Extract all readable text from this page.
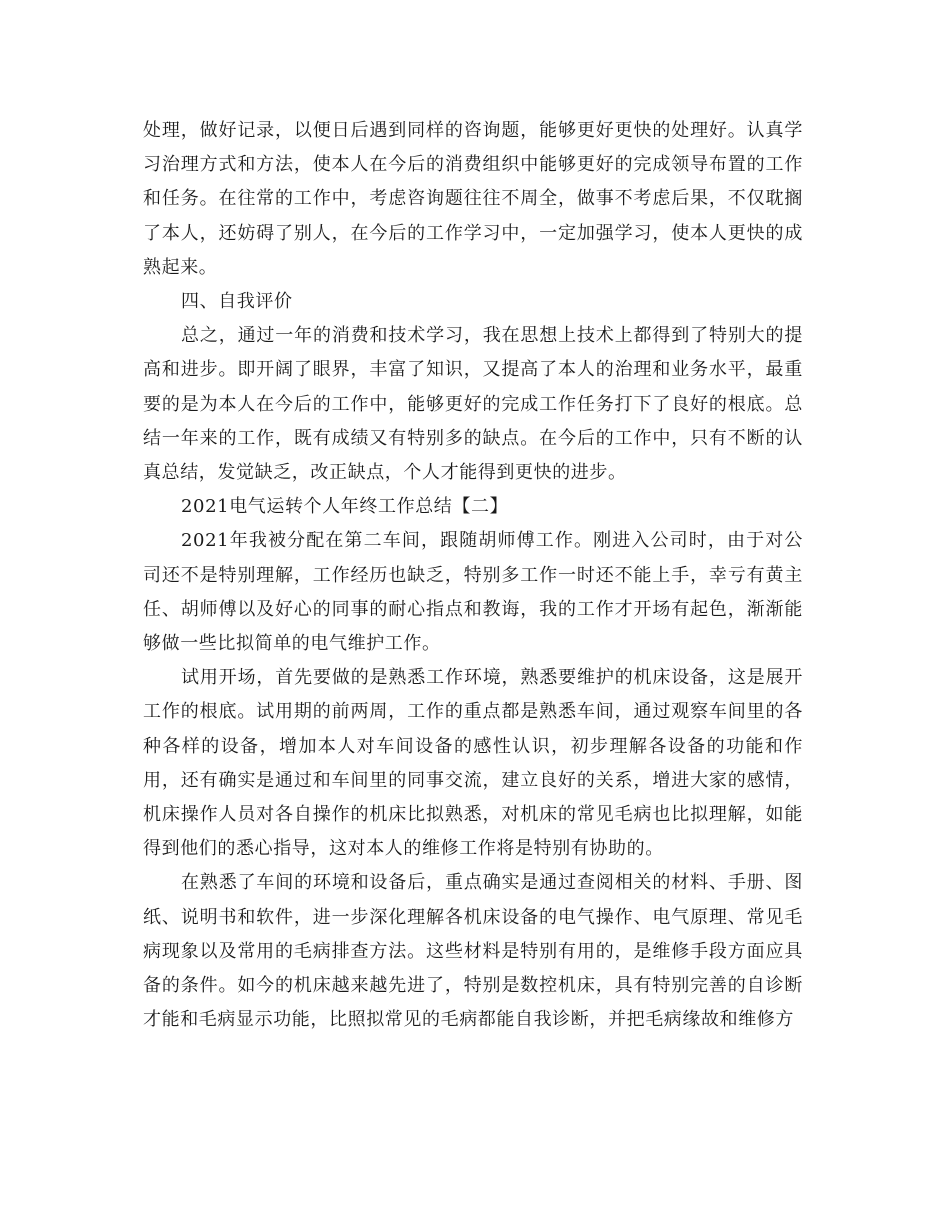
处理，做好记录，以便日后遇到同样的咨询题，能够更好更快的处理好。认真学习治理方式和方法，使本人在今后的消费组织中能够更好的完成领导布置的工作和任务。在往常的工作中，考虑咨询题往往不周全，做事不考虑后果，不仅耽搁了本人，还妨碍了别人，在今后的工作学习中，一定加强学习，使本人更快的成熟起来。

四、自我评价

总之，通过一年的消费和技术学习，我在思想上技术上都得到了特别大的提高和进步。即开阔了眼界，丰富了知识，又提高了本人的治理和业务水平，最重要的是为本人在今后的工作中，能够更好的完成工作任务打下了良好的根底。总结一年来的工作，既有成绩又有特别多的缺点。在今后的工作中，只有不断的认真总结，发觉缺乏，改正缺点，个人才能得到更快的进步。

2021电气运转个人年终工作总结【二】

2021年我被分配在第二车间，跟随胡师傅工作。刚进入公司时，由于对公司还不是特别理解，工作经历也缺乏，特别多工作一时还不能上手，幸亏有黄主任、胡师傅以及好心的同事的耐心指点和教诲，我的工作才开场有起色，渐渐能够做一些比拟简单的电气维护工作。

试用开场，首先要做的是熟悉工作环境，熟悉要维护的机床设备，这是展开工作的根底。试用期的前两周，工作的重点都是熟悉车间，通过观察车间里的各种各样的设备，增加本人对车间设备的感性认识，初步理解各设备的功能和作用，还有确实是通过和车间里的同事交流，建立良好的关系，增进大家的感情，机床操作人员对各自操作的机床比拟熟悉，对机床的常见毛病也比拟理解，如能得到他们的悉心指导，这对本人的维修工作将是特别有协助的。

在熟悉了车间的环境和设备后，重点确实是通过查阅相关的材料、手册、图纸、说明书和软件，进一步深化理解各机床设备的电气操作、电气原理、常见毛病现象以及常用的毛病排查方法。这些材料是特别有用的，是维修手段方面应具备的条件。如今的机床越来越先进了，特别是数控机床，具有特别完善的自诊断才能和毛病显示功能，比照拟常见的毛病都能自我诊断，并把毛病缘故和维修方
